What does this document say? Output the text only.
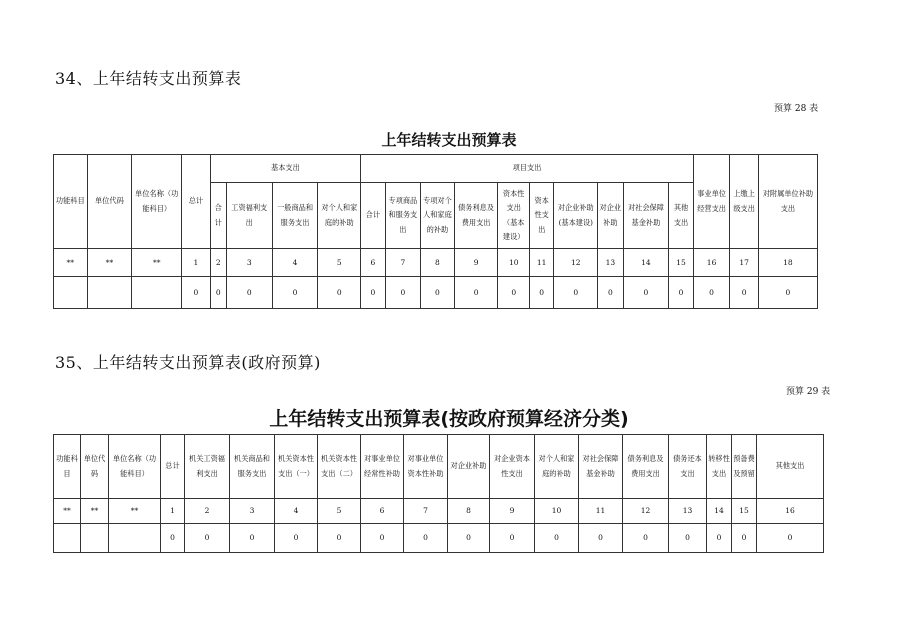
34、上年结转支出预算表
预算 28 表
上年结转支出预算表
功能科目	单位代码	单位名称（功能科目）	总计	基本支出				项目支出										事业单位经营支出	上缴上级支出	对附属单位补助支出
				合计	工资福利支出	一般商品和服务支出	对个人和家庭的补助	合计	专项商品和服务支出	专项对个人和家庭的补助	债务利息及费用支出	资本性支出（基本建设）	资本性支出	对企业补助(基本建设)	对企业补助	对社会保障基金补助	其他支出			
**	**	**	1	2	3	4	5	6	7	8	9	10	11	12	13	14	15	16	17	18
			0	0	0	0	0	0	0	0	0	0	0	0	0	0	0	0	0	0
35、上年结转支出预算表(政府预算)
预算 29 表
上年结转支出预算表(按政府预算经济分类)
功能科目	单位代码	单位名称（功能科目）	总计	机关工资福利支出	机关商品和服务支出	机关资本性支出（一）	机关资本性支出（二）	对事业单位经常性补助	对事业单位资本性补助	对企业补助	对企业资本性支出	对个人和家庭的补助	对社会保障基金补助	债务利息及费用支出	债务还本支出	转移性支出	预备费及预留	其他支出
**	**	**	1	2	3	4	5	6	7	8	9	10	11	12	13	14	15	16
			0	0	0	0	0	0	0	0	0	0	0	0	0	0	0	0
